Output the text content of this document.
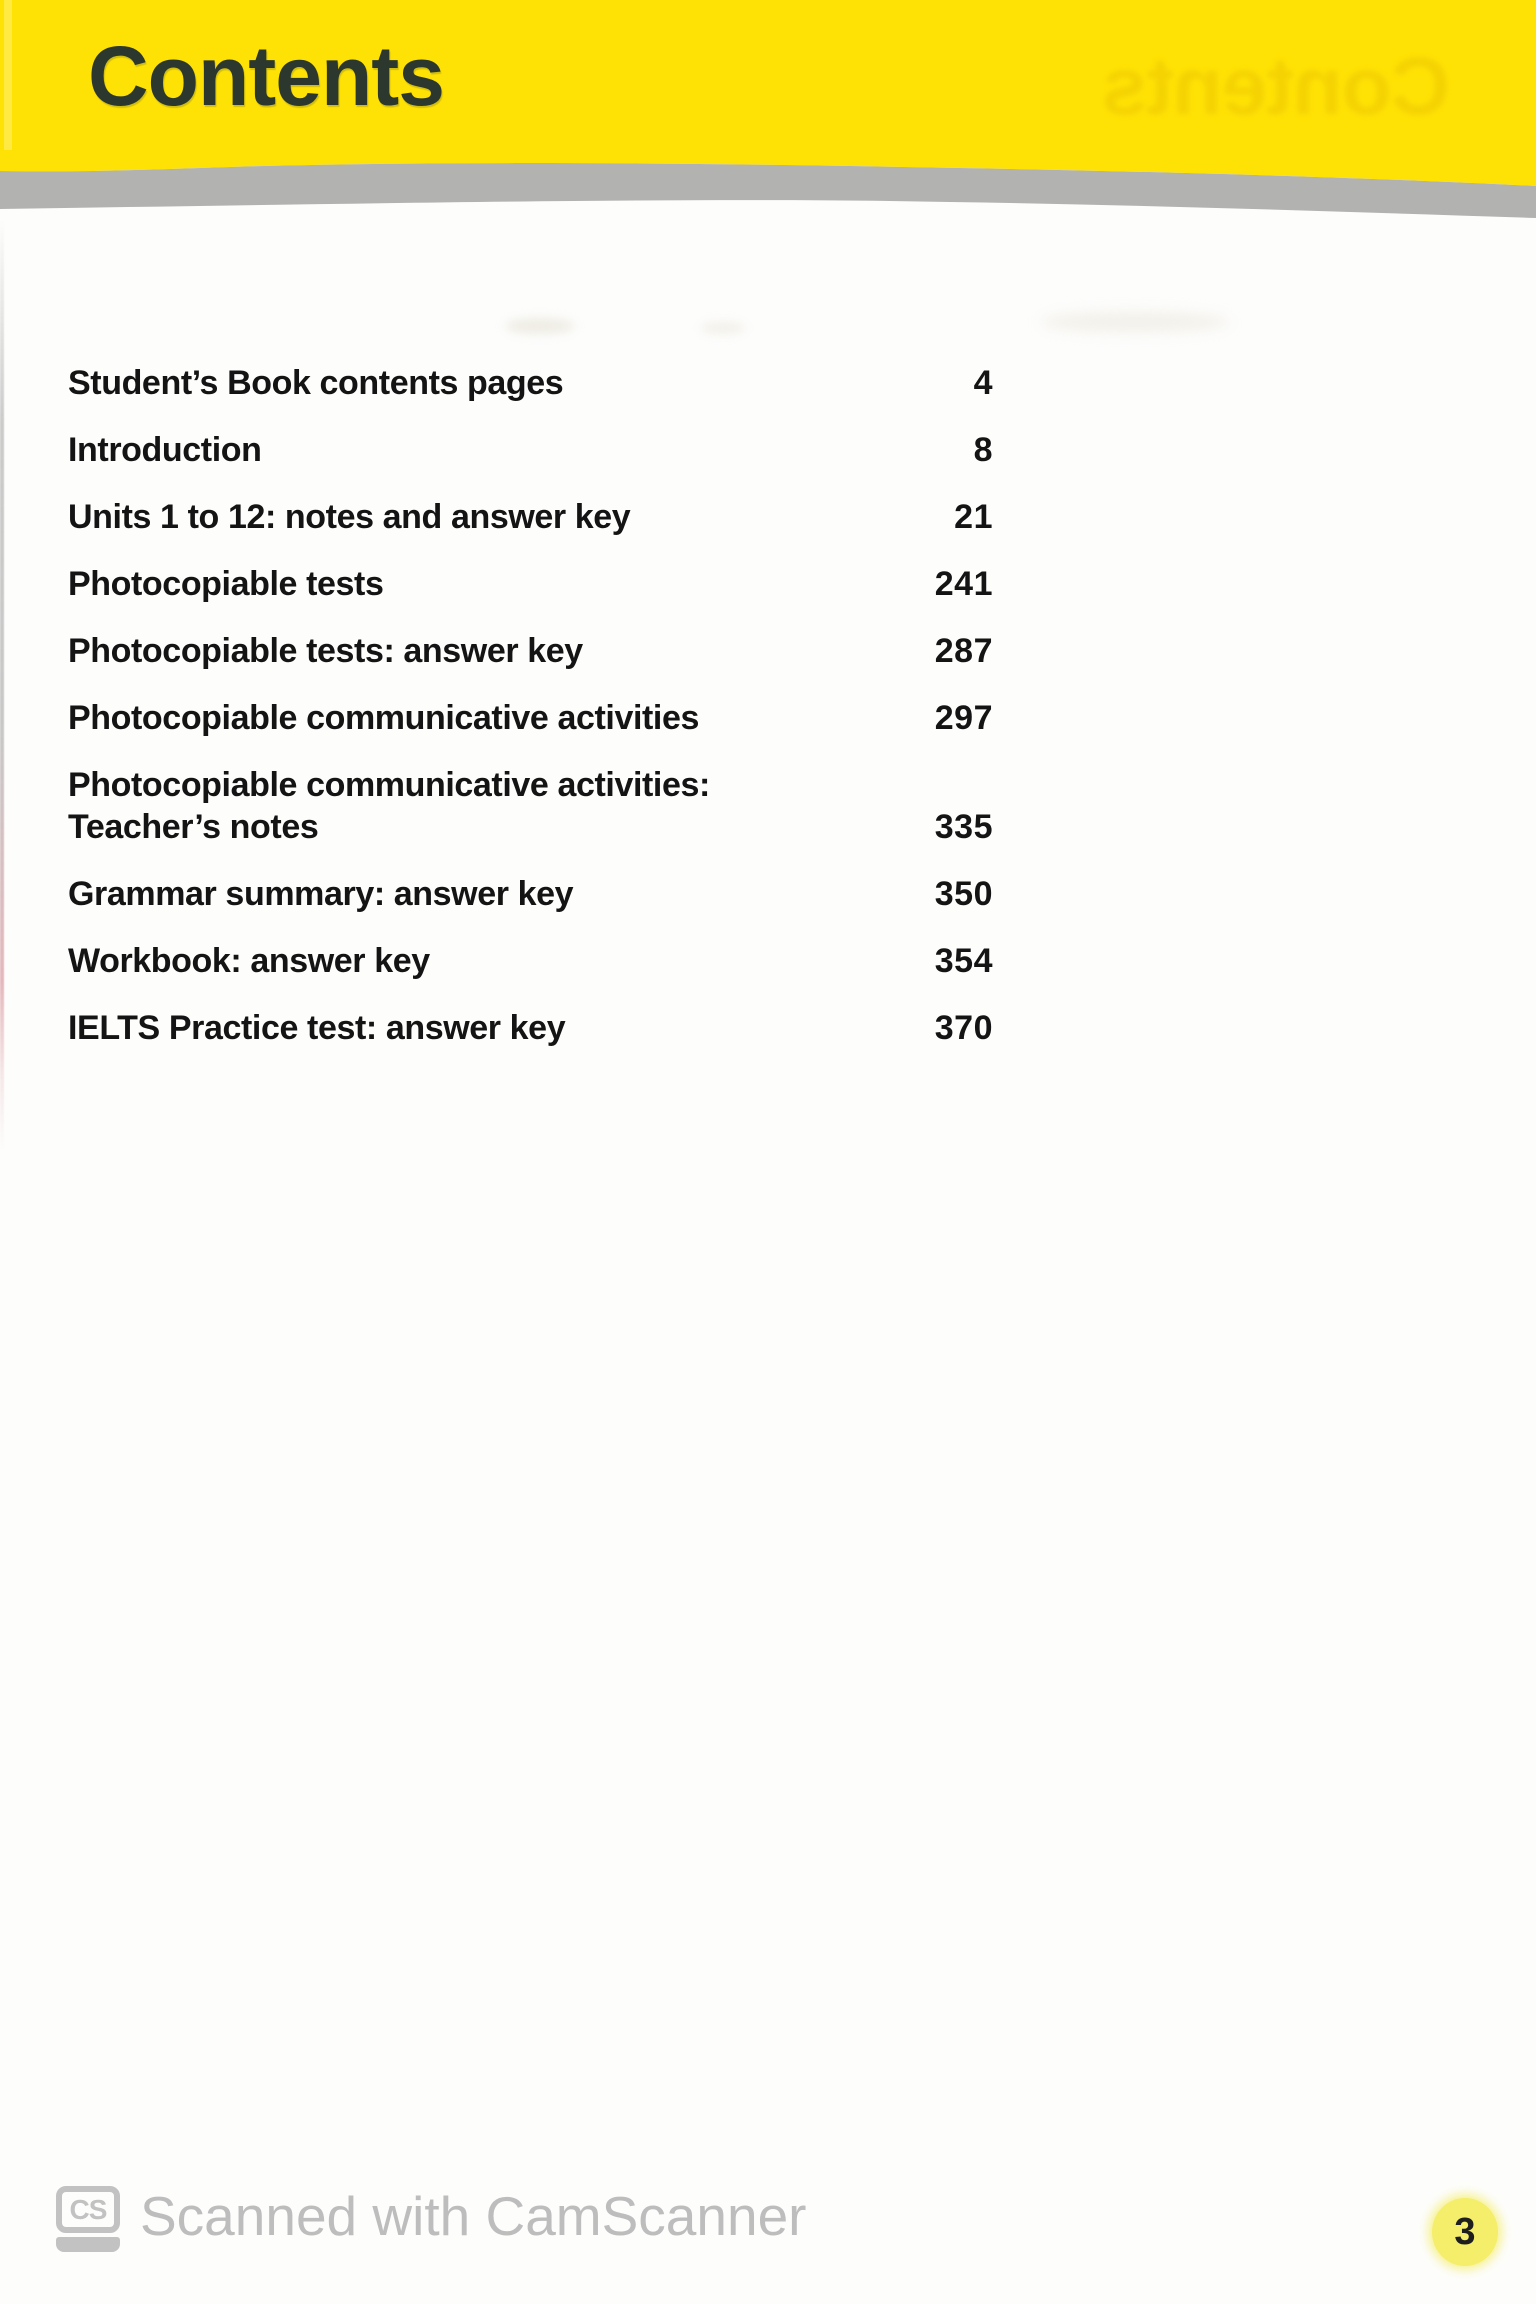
Contents	Contents
Student’s Book contents pages	4
Introduction	8
Units 1 to 12: notes and answer key	21
Photocopiable tests	241
Photocopiable tests: answer key	287
Photocopiable communicative activities	297
Photocopiable communicative activities:
Teacher’s notes	335
Grammar summary: answer key	350
Workbook: answer key	354
IELTS Practice test: answer key	370
CS Scanned with CamScanner	3
